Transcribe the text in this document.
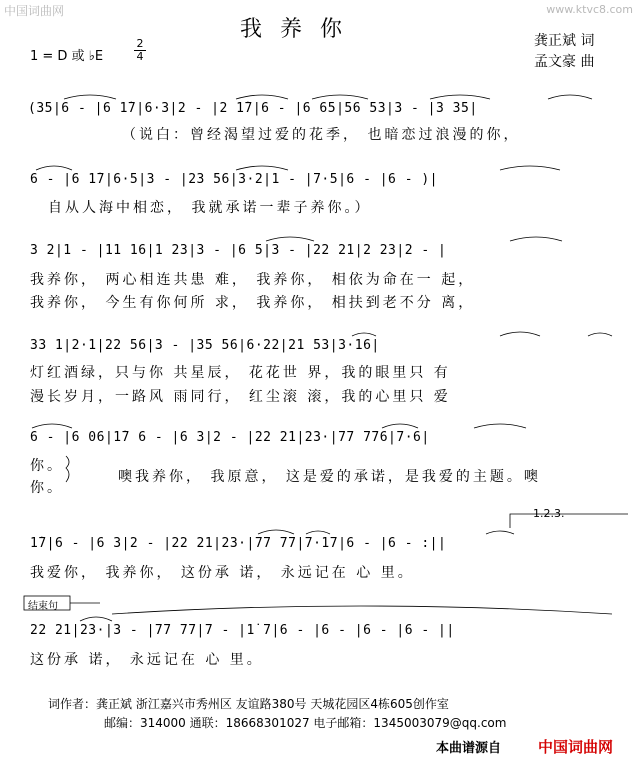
中国词曲网	www.ktvc8.com
我养你	龚正斌 词
孟文豪 曲
1 = D 或 ♭E
2
4
(35|6 - |6 1̇7|6·3|2 - |2 1̇7|6 - |6 65|56 53|3 - |3 35|
（说白：曾经渴望过爱的花季， 也暗恋过浪漫的你，
6 - |6 1̇7|6·5|3 - |23 56|3·2|1 - |7·5|6 - |6 - )|
自从人海中相恋， 我就承诺一辈子养你。）
3 2|1 - |11 16|1 23|3 - |6 5|3 - |22 21|2 23|2 - |
我养你， 两心相连共患 难， 我养你， 相依为命在一 起，
我养你， 今生有你何所 求， 我养你， 相扶到老不分 离，
33 1|2·1|22 56|3 - |35 56|6·22|21 53|3·16|
灯红酒绿，只与你 共星辰， 花花世 界，我的眼里只 有
漫长岁月，一路风 雨同行， 红尘滚 滚，我的心里只 爱
6 - |6 06|1̇7 6 - |6 3|2 - |22 21|23·|77 776|7·6|
你。
你。
噢我养你， 我原意， 这是爱的承诺，是我爱的主题。噢
1.2.3.
1̇7|6 - |6 3|2 - |22 21|23·|77 77|7·17|6 - |6 - :||
我爱你， 我养你， 这份承 诺， 永远记在 心 里。
结束句
22 21|23·|3 - |77 77|7 - |1̇ 7|6 - |6 - |6 - |6 - ||
这份承 诺， 永远记在 心 里。
词作者：龚正斌 浙江嘉兴市秀州区 友谊路380号 天城花园区4栋605创作室
邮编：314000 通联：18668301027 电子邮箱：1345003079@qq.com
本曲谱源自 中国词曲网
